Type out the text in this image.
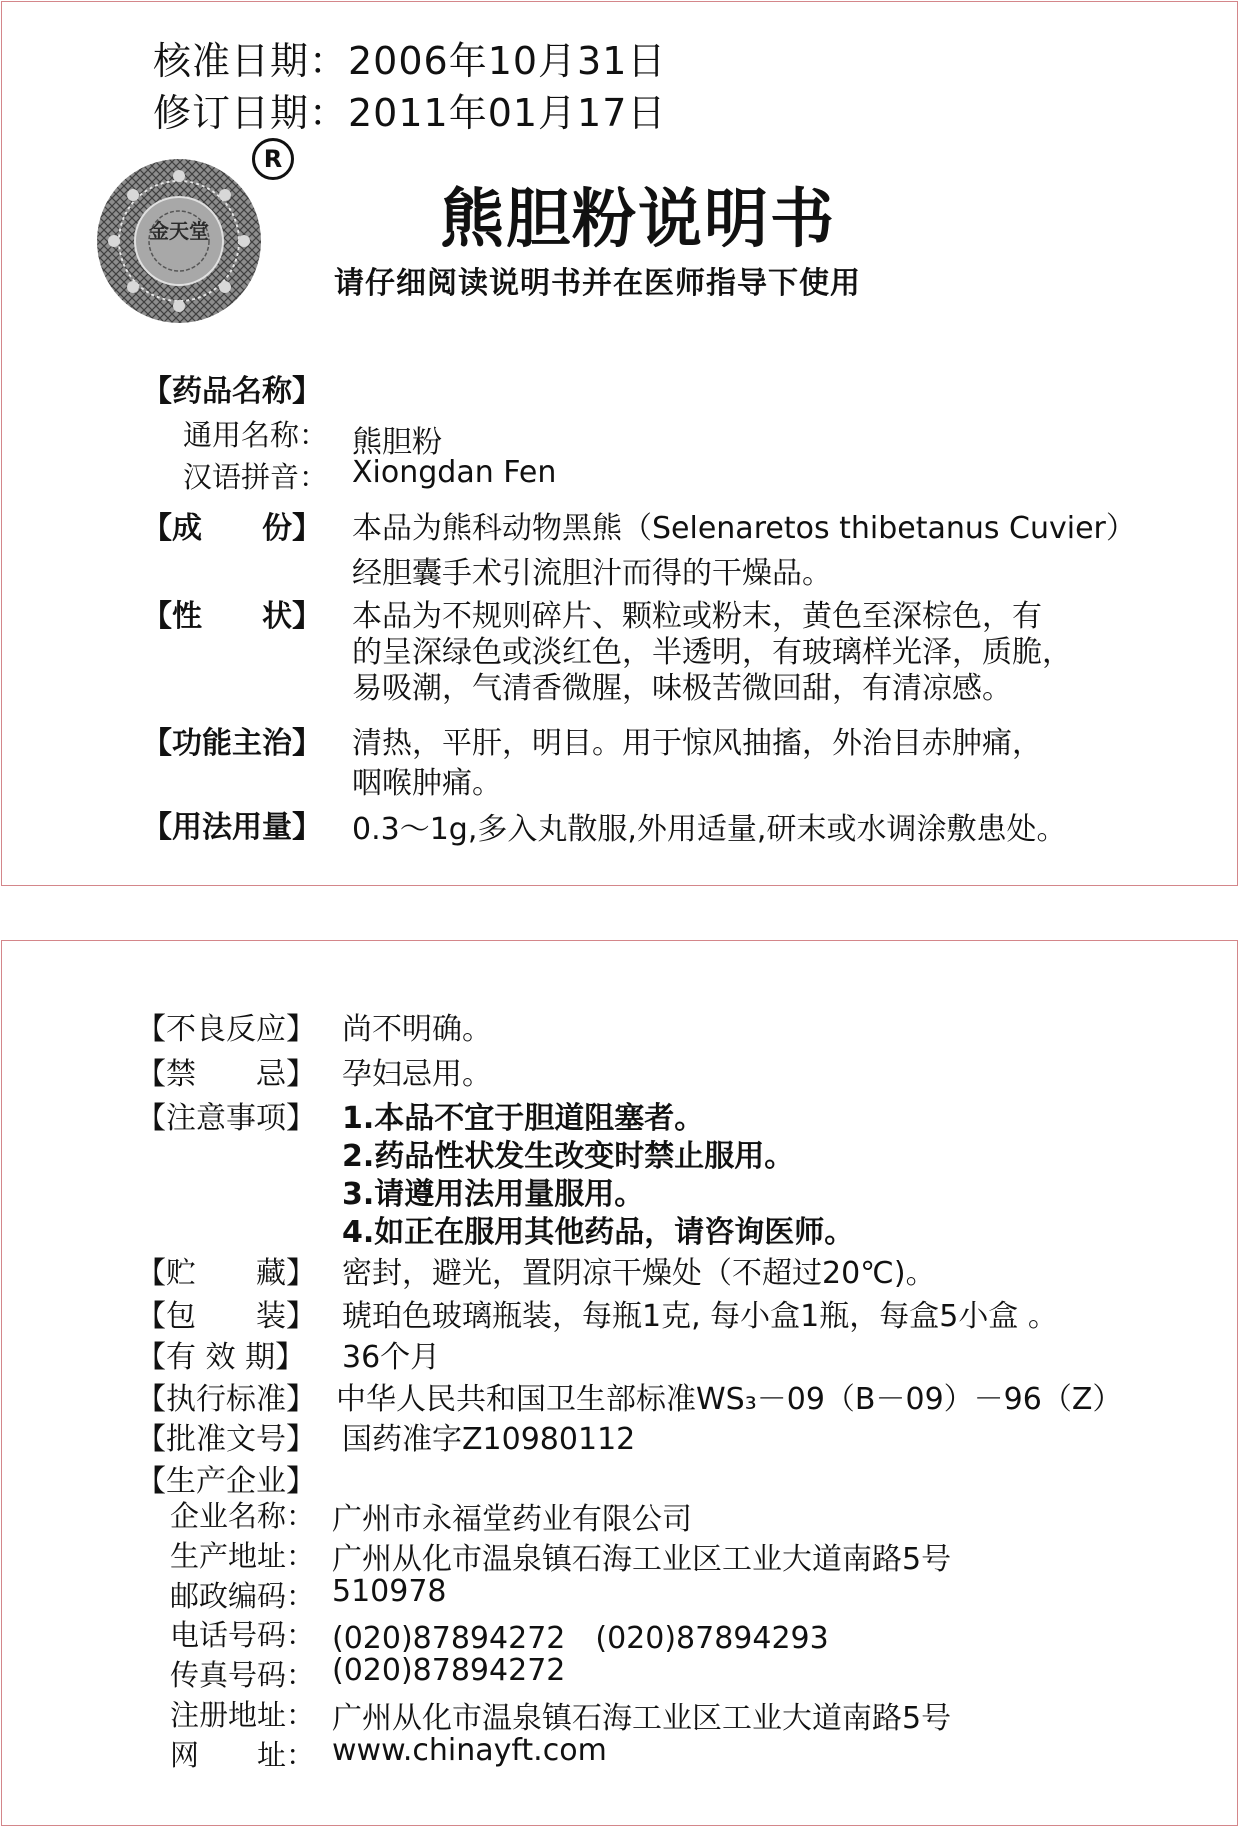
核准日期：2006年10月31日
修订日期：2011年01月17日
R
金天堂	熊胆粉说明书
请仔细阅读说明书并在医师指导下使用
【药品名称】
通用名称： 熊胆粉
汉语拼音： Xiongdan Fen
【成　　份】 本品为熊科动物黑熊（Selenaretos thibetanus Cuvier）
经胆囊手术引流胆汁而得的干燥品。
【性　　状】 本品为不规则碎片、颗粒或粉末，黄色至深棕色，有
的呈深绿色或淡红色，半透明，有玻璃样光泽，质脆，
易吸潮，气清香微腥，味极苦微回甜，有清凉感。
【功能主治】 清热，平肝，明目。用于惊风抽搐，外治目赤肿痛，
咽喉肿痛。
【用法用量】 0.3～1g,多入丸散服,外用适量,研末或水调涂敷患处。
【不良反应】 尚不明确。
【禁　　忌】 孕妇忌用。
【注意事项】 1.本品不宜于胆道阻塞者。
2.药品性状发生改变时禁止服用。
3.请遵用法用量服用。
4.如正在服用其他药品，请咨询医师。
【贮　　藏】 密封，避光，置阴凉干燥处（不超过20℃)。
【包　　装】 琥珀色玻璃瓶装，每瓶1克, 每小盒1瓶，每盒5小盒 。
【有 效 期】 36个月
【执行标准】 中华人民共和国卫生部标准WS₃－09（B－09）－96（Z）
【批准文号】 国药准字Z10980112
【生产企业】
企业名称： 广州市永福堂药业有限公司
生产地址： 广州从化市温泉镇石海工业区工业大道南路5号
邮政编码： 510978
电话号码： (020)87894272　(020)87894293
传真号码： (020)87894272
注册地址： 广州从化市温泉镇石海工业区工业大道南路5号
网　　址： www.chinayft.com
